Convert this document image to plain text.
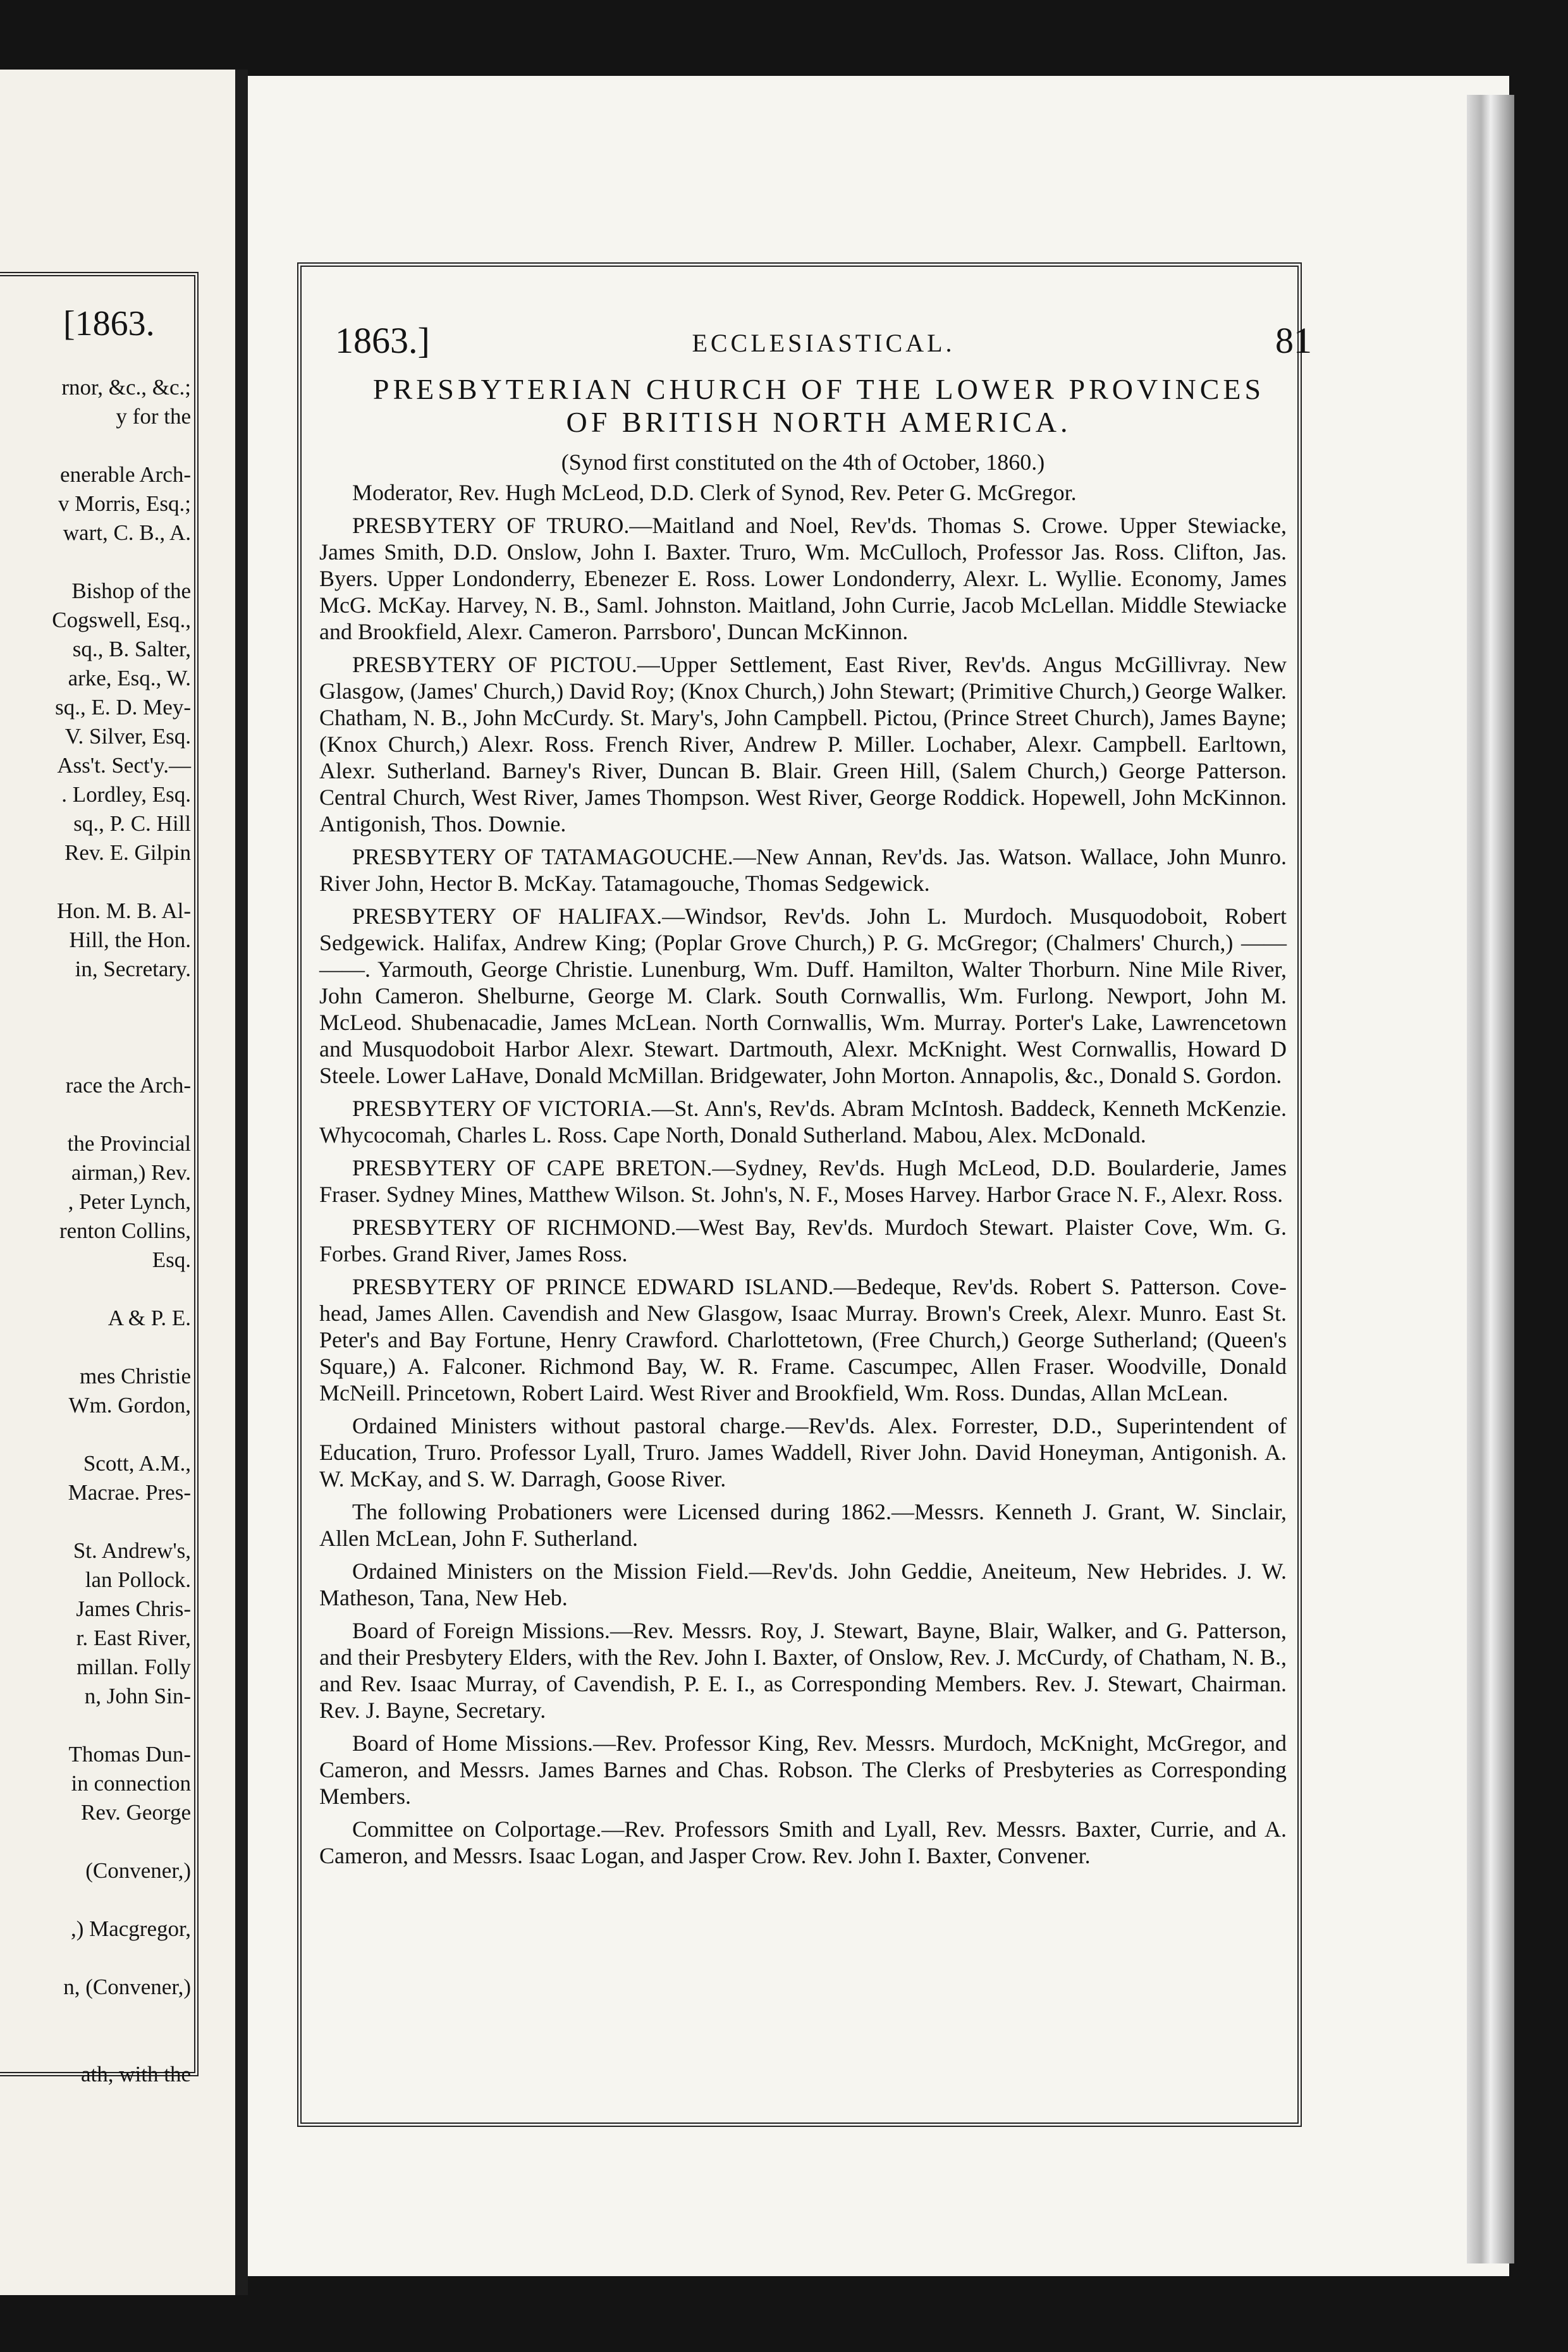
[1863.
rnor, &c., &c.;
y for the
enerable Arch-
v Morris, Esq.;
wart, C. B., A.
Bishop of the
Cogswell, Esq.,
sq., B. Salter,
arke, Esq., W.
sq., E. D. Mey-
V. Silver, Esq.
Ass't. Sect'y.—
. Lordley, Esq.
sq., P. C. Hill
Rev. E. Gilpin
Hon. M. B. Al-
Hill, the Hon.
in, Secretary.
race the Arch-
the Provincial
airman,) Rev.
, Peter Lynch,
renton Collins,
Esq.
A & P. E.
mes Christie
Wm. Gordon,
Scott, A.M.,
Macrae. Pres-
St. Andrew's,
lan Pollock.
James Chris-
r. East River,
millan. Folly
n, John Sin-
Thomas Dun-
in connection
Rev. George
(Convener,)
,) Macgregor,
n, (Convener,)
ath, with the
1863.]	ECCLESIASTICAL.	81
PRESBYTERIAN CHURCH OF THE LOWER PROVINCES
OF BRITISH NORTH AMERICA.

(Synod first constituted on the 4th of October, 1860.)

Moderator, Rev. Hugh McLeod, D.D. Clerk of Synod, Rev. Peter G. McGregor.

PRESBYTERY OF TRURO.—Maitland and Noel, Rev'ds. Thomas S. Crowe. Upper Stewiacke, James Smith, D.D. Onslow, John I. Baxter. Truro, Wm. McCulloch, Professor Jas. Ross. Clifton, Jas. Byers. Upper Londonderry, Ebenezer E. Ross. Lower Londonderry, Alexr. L. Wyllie. Economy, James McG. McKay. Harvey, N. B., Saml. Johnston. Maitland, John Currie, Jacob McLellan. Middle Stewiacke and Brookfield, Alexr. Cameron. Parrsboro', Duncan McKinnon.

PRESBYTERY OF PICTOU.—Upper Settlement, East River, Rev'ds. Angus McGillivray. New Glasgow, (James' Church,) David Roy; (Knox Church,) John Stewart; (Primitive Church,) George Walker. Chatham, N. B., John McCurdy. St. Mary's, John Campbell. Pictou, (Prince Street Church), James Bayne; (Knox Church,) Alexr. Ross. French River, Andrew P. Miller. Lochaber, Alexr. Campbell. Earltown, Alexr. Sutherland. Barney's River, Duncan B. Blair. Green Hill, (Salem Church,) George Patterson. Central Church, West River, James Thompson. West River, George Roddick. Hopewell, John McKinnon. Antigonish, Thos. Downie.

PRESBYTERY OF TATAMAGOUCHE.—New Annan, Rev'ds. Jas. Watson. Wallace, John Munro. River John, Hector B. McKay. Tatamagouche, Thomas Sedgewick.

PRESBYTERY OF HALIFAX.—Windsor, Rev'ds. John L. Murdoch. Musquodoboit, Robert Sedgewick. Halifax, Andrew King; (Poplar Grove Church,) P. G. McGregor; (Chalmers' Church,) —— ——. Yarmouth, George Christie. Lunenburg, Wm. Duff. Hamilton, Walter Thorburn. Nine Mile River, John Cameron. Shelburne, George M. Clark. South Cornwallis, Wm. Furlong. Newport, John M. McLeod. Shubenacadie, James McLean. North Cornwallis, Wm. Murray. Porter's Lake, Lawrencetown and Musquodoboit Harbor Alexr. Stewart. Dartmouth, Alexr. McKnight. West Cornwallis, Howard D Steele. Lower LaHave, Donald McMillan. Bridgewater, John Morton. Annapolis, &c., Donald S. Gordon.

PRESBYTERY OF VICTORIA.—St. Ann's, Rev'ds. Abram McIntosh. Baddeck, Kenneth McKenzie. Whycocomah, Charles L. Ross. Cape North, Donald Sutherland. Mabou, Alex. McDonald.

PRESBYTERY OF CAPE BRETON.—Sydney, Rev'ds. Hugh McLeod, D.D. Boularderie, James Fraser. Sydney Mines, Matthew Wilson. St. John's, N. F., Moses Harvey. Harbor Grace N. F., Alexr. Ross.

PRESBYTERY OF RICHMOND.—West Bay, Rev'ds. Murdoch Stewart. Plaister Cove, Wm. G. Forbes. Grand River, James Ross.

PRESBYTERY OF PRINCE EDWARD ISLAND.—Bedeque, Rev'ds. Robert S. Patterson. Cove-head, James Allen. Cavendish and New Glasgow, Isaac Murray. Brown's Creek, Alexr. Munro. East St. Peter's and Bay Fortune, Henry Crawford. Charlottetown, (Free Church,) George Sutherland; (Queen's Square,) A. Falconer. Richmond Bay, W. R. Frame. Cascumpec, Allen Fraser. Woodville, Donald McNeill. Princetown, Robert Laird. West River and Brookfield, Wm. Ross. Dundas, Allan McLean.

Ordained Ministers without pastoral charge.—Rev'ds. Alex. Forrester, D.D., Superintendent of Education, Truro. Professor Lyall, Truro. James Waddell, River John. David Honeyman, Antigonish. A. W. McKay, and S. W. Darragh, Goose River.

The following Probationers were Licensed during 1862.—Messrs. Kenneth J. Grant, W. Sinclair, Allen McLean, John F. Sutherland.

Ordained Ministers on the Mission Field.—Rev'ds. John Geddie, Aneiteum, New Hebrides. J. W. Matheson, Tana, New Heb.

Board of Foreign Missions.—Rev. Messrs. Roy, J. Stewart, Bayne, Blair, Walker, and G. Patterson, and their Presbytery Elders, with the Rev. John I. Baxter, of Onslow, Rev. J. McCurdy, of Chatham, N. B., and Rev. Isaac Murray, of Cavendish, P. E. I., as Corresponding Members. Rev. J. Stewart, Chairman. Rev. J. Bayne, Secretary.

Board of Home Missions.—Rev. Professor King, Rev. Messrs. Murdoch, McKnight, McGregor, and Cameron, and Messrs. James Barnes and Chas. Robson. The Clerks of Presbyteries as Corresponding Members.

Committee on Colportage.—Rev. Professors Smith and Lyall, Rev. Messrs. Baxter, Currie, and A. Cameron, and Messrs. Isaac Logan, and Jasper Crow. Rev. John I. Baxter, Convener.
